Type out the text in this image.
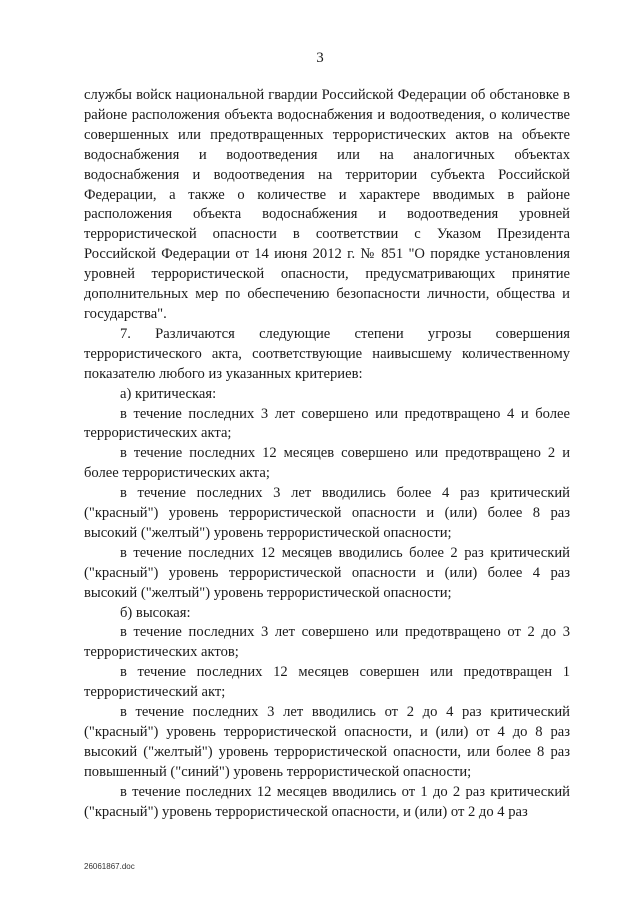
3

службы войск национальной гвардии Российской Федерации об обстановке в районе расположения объекта водоснабжения и водоотведения, о количестве совершенных или предотвращенных террористических актов на объекте водоснабжения и водоотведения или на аналогичных объектах водоснабжения и водоотведения на территории субъекта Российской Федерации, а также о количестве и характере вводимых в районе расположения объекта водоснабжения и водоотведения уровней террористической опасности в соответствии с Указом Президента Российской Федерации от 14 июня 2012 г. № 851 "О порядке установления уровней террористической опасности, предусматривающих принятие дополнительных мер по обеспечению безопасности личности, общества и государства".

7. Различаются следующие степени угрозы совершения террористического акта, соответствующие наивысшему количественному показателю любого из указанных критериев:

а) критическая:

в течение последних 3 лет совершено или предотвращено 4 и более террористических акта;

в течение последних 12 месяцев совершено или предотвращено 2 и более террористических акта;

в течение последних 3 лет вводились более 4 раз критический ("красный") уровень террористической опасности и (или) более 8 раз высокий ("желтый") уровень террористической опасности;

в течение последних 12 месяцев вводились более 2 раз критический ("красный") уровень террористической опасности и (или) более 4 раз высокий ("желтый") уровень террористической опасности;

б) высокая:

в течение последних 3 лет совершено или предотвращено от 2 до 3 террористических актов;

в течение последних 12 месяцев совершен или предотвращен 1 террористический акт;

в течение последних 3 лет вводились от 2 до 4 раз критический ("красный") уровень террористической опасности, и (или) от 4 до 8 раз высокий ("желтый") уровень террористической опасности, или более 8 раз повышенный ("синий") уровень террористической опасности;

в течение последних 12 месяцев вводились от 1 до 2 раз критический ("красный") уровень террористической опасности, и (или) от 2 до 4 раз

26061867.doc
